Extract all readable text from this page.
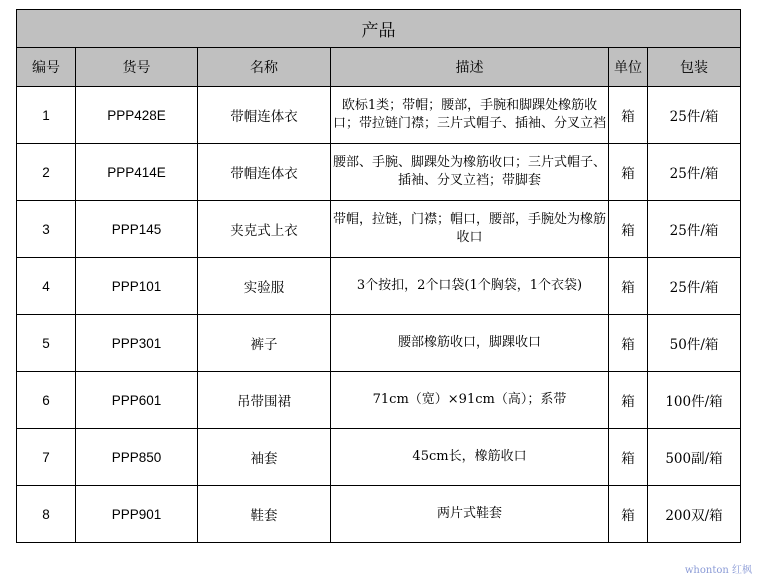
产品					
编号	货号	名称	描述	单位	包装
1	PPP428E	带帽连体衣	欧标1类；带帽；腰部，手腕和脚踝处橡筋收口；带拉链门襟；三片式帽子、插袖、分叉立裆	箱	25件/箱
2	PPP414E	带帽连体衣	腰部、手腕、脚踝处为橡筋收口；三片式帽子、插袖、分叉立裆；带脚套	箱	25件/箱
3	PPP145	夹克式上衣	带帽，拉链，门襟；帽口，腰部，手腕处为橡筋收口	箱	25件/箱
4	PPP101	实验服	3个按扣，2个口袋(1个胸袋，1个衣袋)	箱	25件/箱
5	PPP301	裤子	腰部橡筋收口，脚踝收口	箱	50件/箱
6	PPP601	吊带围裙	71cm（宽）×91cm（高）；系带	箱	100件/箱
7	PPP850	袖套	45cm长，橡筋收口	箱	500副/箱
8	PPP901	鞋套	两片式鞋套	箱	200双/箱
whonton 红枫
